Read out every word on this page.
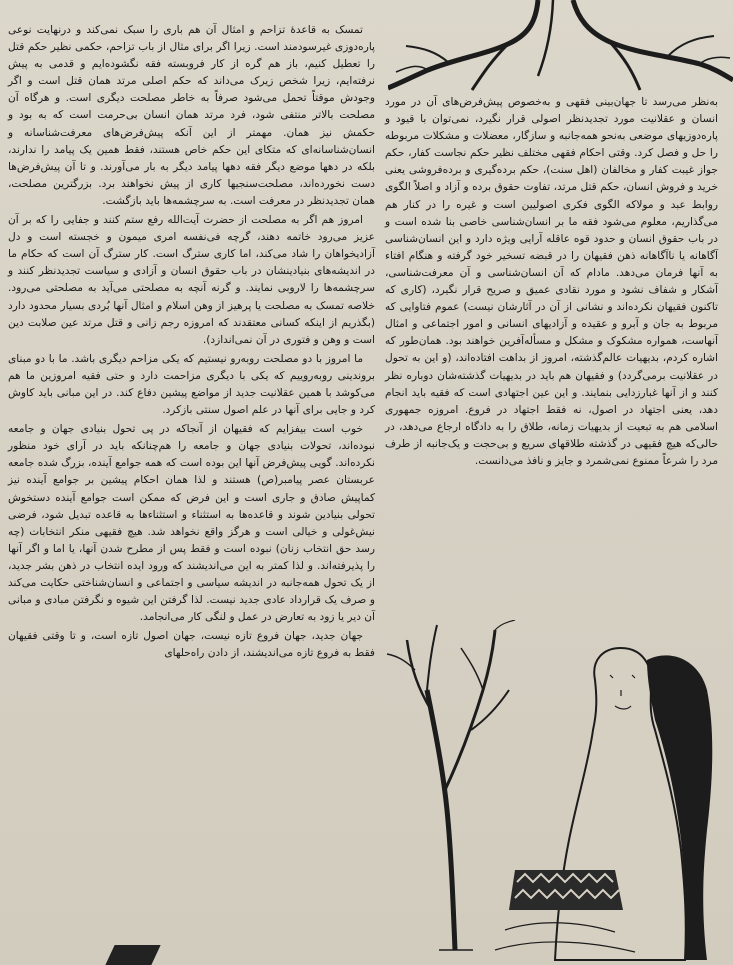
به‌نظر می‌رسد تا جهان‌بینی فقهی و به‌خصوص پیش‌فرض‌های آن در مورد انسان و عقلانیت مورد تجدیدنظر اصولی قرار نگیرد، نمی‌توان با قیود و پاره‌دوزیهای موضعی به‌نحو همه‌جانبه و سازگار، معضلات و مشکلات مربوطه را حل و فصل کرد. وقتی احکام فقهی مختلف نظیر حکم نجاست کفار، حکم جواز غیبت کفار و مخالفان (اهل سنت)، حکم برده‌گیری و برده‌فروشی یعنی خرید و فروش انسان، حکم قتل مرتد، تفاوت حقوق برده و آزاد و اصلاً الگوی روابط عبد و مولاکه الگوی فکری اصولیین است و غیره را در کنار هم می‌گذاریم، معلوم می‌شود فقه ما بر انسان‌شناسی خاصی بنا شده است و در باب حقوق انسان و حدود قوه عاقله آرایی ویژه دارد و این انسان‌شناسی آگاهانه یا ناآگاهانه ذهن فقیهان را در قبضه تسخیر خود گرفته و هنگام افتاء به آنها فرمان می‌دهد. مادام که آن انسان‌شناسی و آن معرفت‌شناسی، آشکار و شفاف نشود و مورد نقادی عمیق و صریح قرار نگیرد، (کاری که تاکنون فقیهان نکرده‌اند و نشانی از آن در آثارشان نیست) عموم فتاوایی که مربوط به جان و آبرو و عقیده و آزادیهای انسانی و امور اجتماعی و امثال آنهاست، همواره مشکوک و مشکل و مسأله‌آفرین خواهند بود. همان‌طور که اشاره کردم، بدیهیات عالم‌گذشته، امروز از بداهت افتاده‌اند، (و این به تحول در عقلانیت برمی‌گردد) و فقیهان هم باید در بدیهیات گذشته‌شان دوباره نظر کنند و از آنها غبارزدایی بنمایند. و این عین اجتهادی است که فقیه باید انجام دهد، یعنی اجتهاد در اصول، نه فقط اجتهاد در فروع. امروزه جمهوری اسلامی هم به تبعیت از بدیهیات زمانه، طلاق را به دادگاه ارجاع می‌دهد، در حالی‌که هیچ فقیهی در گذشته طلاقهای سریع و بی‌حجت و یک‌جانبه از طرف مرد را شرعاً ممنوع نمی‌شمرد و جایز و نافذ می‌دانست.

تمسک به قاعدهٔ تزاحم و امثال آن هم باری را سبک نمی‌کند و درنهایت نوعی پاره‌دوزی غیرسودمند است. زیرا اگر برای مثال از باب تزاحم، حکمی نظیر حکم قتل را تعطیل کنیم، باز هم گره از کار فروبسته فقه نگشوده‌ایم و قدمی به پیش نرفته‌ایم، زیرا شخص زیرک می‌داند که حکم اصلی مرتد همان قتل است و اگر وجودش موقتاً تحمل می‌شود صرفاً به خاطر مصلحت دیگری است. و هرگاه آن مصلحت بالاتر منتفی شود، فرد مرتد همان انسان بی‌حرمت است که به بود و حکمش نیز همان. مهمتر از این آنکه پیش‌فرض‌های معرفت‌شناسانه و انسان‌شناسانه‌ای که متکای این حکم خاص هستند، فقط همین یک پیامد را ندارند، بلکه در دهها موضع دیگر فقه دهها پیامد دیگر به بار می‌آورند. و تا آن پیش‌فرض‌ها دست نخورده‌اند، مصلحت‌سنجیها کاری از پیش نخواهند برد. بزرگترین مصلحت، همان تجدیدنظر در معرفت است. به سرچشمه‌ها باید بازگشت.

امروز هم اگر به مصلحت از حضرت آیت‌الله رفع ستم کنند و جفایی را که بر آن عزیز می‌رود خاتمه دهند، گرچه فی‌نفسه امری میمون و خجسته است و دل آزادیخواهان را شاد می‌کند، اما کاری سترگ است. کار سترگ آن است که حکام ما در اندیشه‌های بنیادینشان در باب حقوق انسان و آزادی و سیاست تجدیدنظر کنند و سرچشمه‌ها را لاروبی نمایند. و گرنه آنچه به مصلحتی می‌آید به مصلحتی می‌رود. خلاصه تمسک به مصلحت یا پرهیز از وهن اسلام و امثال آنها بُردی بسیار محدود دارد (بگذریم از اینکه کسانی معتقدند که امروزه رجم زانی و قتل مرتد عین صلابت دین است و وهن و فتوری در آن نمی‌اندازد).

ما امروز با دو مصلحت روبه‌رو نیستیم که یکی مزاحم دیگری باشد. ما با دو مبنای بروندینی روبه‌روییم که یکی با دیگری مزاحمت دارد و حتی فقیه امروزین ما هم می‌کوشد با همین عقلانیت جدید از مواضع پیشین دفاع کند. در این مبانی باید کاوش کرد و جایی برای آنها در علم اصول سنتی بازکرد.

خوب است بیفزایم که فقیهان از آنجاکه در پی تحول بنیادی جهان و جامعه نبوده‌اند، تحولات بنیادی جهان و جامعه را هم‌چنانکه باید در آرای خود منظور نکرده‌اند. گویی پیش‌فرض آنها این بوده است که همه جوامع آینده، بزرگ شده جامعه عربستان عصر پیامبر(ص) هستند و لذا همان احکام پیشین بر جوامع آینده نیز کماپیش صادق و جاری است و این فرض که ممکن است جوامع آینده دستخوش تحولی بنیادین شوند و قاعده‌ها به استثناء و استثناءها به قاعده تبدیل شود، فرضی نیش‌غولی و خیالی است و هرگز واقع نخواهد شد. هیچ فقیهی منکر انتخابات (چه رسد حق انتخاب زنان) نبوده است و فقط پس از مطرح شدن آنها، یا اما و اگر آنها را پذیرفته‌اند. و لذا کمتر به این می‌اندیشند که ورود ایده انتخاب در ذهن بشر جدید، از یک تحول همه‌جانبه در اندیشه سیاسی و اجتماعی و انسان‌شناختی حکایت می‌کند و صرف یک قرارداد عادی جدید نیست. لذا گرفتن این شیوه و نگرفتن مبادی و مبانی آن دیر یا زود به تعارض در عمل و لنگی کار می‌انجامد.

جهان جدید، جهان فروع تازه نیست، جهان اصول تازه است، و تا وقتی فقیهان فقط به فروع تازه می‌اندیشند، از دادن راه‌حلهای
